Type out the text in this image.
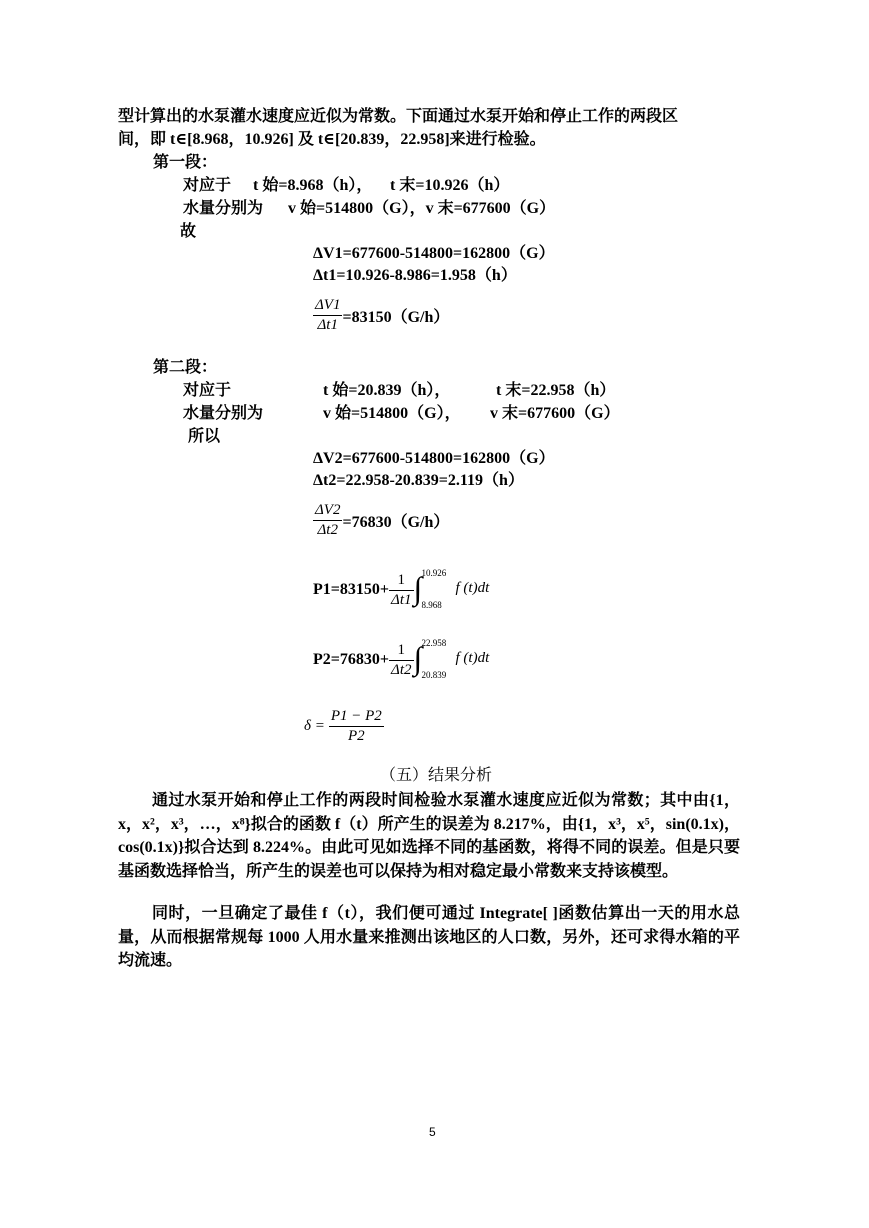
型计算出的水泵灌水速度应近似为常数。下面通过水泵开始和停止工作的两段区
间，即 t∈[8.968，10.926] 及 t∈[20.839，22.958]来进行检验。
第一段：
对应于 t 始=8.968（h）， t 末=10.926（h）
水量分别为 v 始=514800（G），v 末=677600（G）
故
ΔV1=677600-514800=162800（G）
Δt1=10.926-8.986=1.958（h）
$\frac{\Delta V1}{\Delta t1} =83150(G/h)$
第二段：
对应于	t 始=20.839（h），	t 末=22.958（h）
水量分别为	v 始=514800（G）， v 末=677600（G）
所以
ΔV2=677600-514800=162800（G）
Δt2=22.958-20.839=2.119（h）
$\frac{\Delta V2}{\Delta t2} =76830(G/h)$
$P1=83150+ \frac{1}{\Delta t1}$ ∫ 10.926
8.968
f (t)dt
$P2=76830+ \frac{1}{\Delta t2}$ ∫ 22.958
20.839
f (t)dt
$\delta = \frac{P1 - P2}{P2}$
（五）结果分析
通过水泵开始和停止工作的两段时间检验水泵灌水速度应近似为常数；其中由{1，x，x²，x³，…，x⁸}拟合的函数 f（t）所产生的误差为 8.217%，由{1，x³，x⁵，sin(0.1x)，cos(0.1x)}拟合达到 8.224%。由此可见如选择不同的基函数，将得不同的误差。但是只要基函数选择恰当，所产生的误差也可以保持为相对稳定最小常数来支持该模型。
同时，一旦确定了最佳 f（t），我们便可通过 Integrate[ ]函数估算出一天的用水总量，从而根据常规每 1000 人用水量来推测出该地区的人口数，另外，还可求得水箱的平均流速。
5
